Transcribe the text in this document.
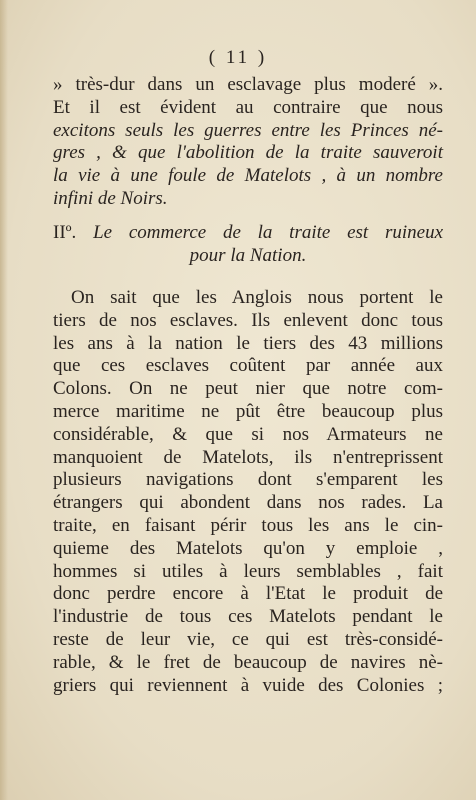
( 11 )
» très-dur dans un esclavage plus moderé ».
Et il est évident au contraire que nous
excitons seuls les guerres entre les Princes né-
gres , & que l'abolition de la traite sauveroit
la vie à une foule de Matelots , à un nombre
infini de Noirs.
IIº. Le commerce de la traite est ruineux
pour la Nation.
On sait que les Anglois nous portent le
tiers de nos esclaves. Ils enlevent donc tous
les ans à la nation le tiers des 43 millions
que ces esclaves coûtent par année aux
Colons. On ne peut nier que notre com-
merce maritime ne pût être beaucoup plus
considérable, & que si nos Armateurs ne
manquoient de Matelots, ils n'entreprissent
plusieurs navigations dont s'emparent les
étrangers qui abondent dans nos rades. La
traite, en faisant périr tous les ans le cin-
quieme des Matelots qu'on y emploie ,
hommes si utiles à leurs semblables , fait
donc perdre encore à l'Etat le produit de
l'industrie de tous ces Matelots pendant le
reste de leur vie, ce qui est très-considé-
rable, & le fret de beaucoup de navires nè-
griers qui reviennent à vuide des Colonies ;
